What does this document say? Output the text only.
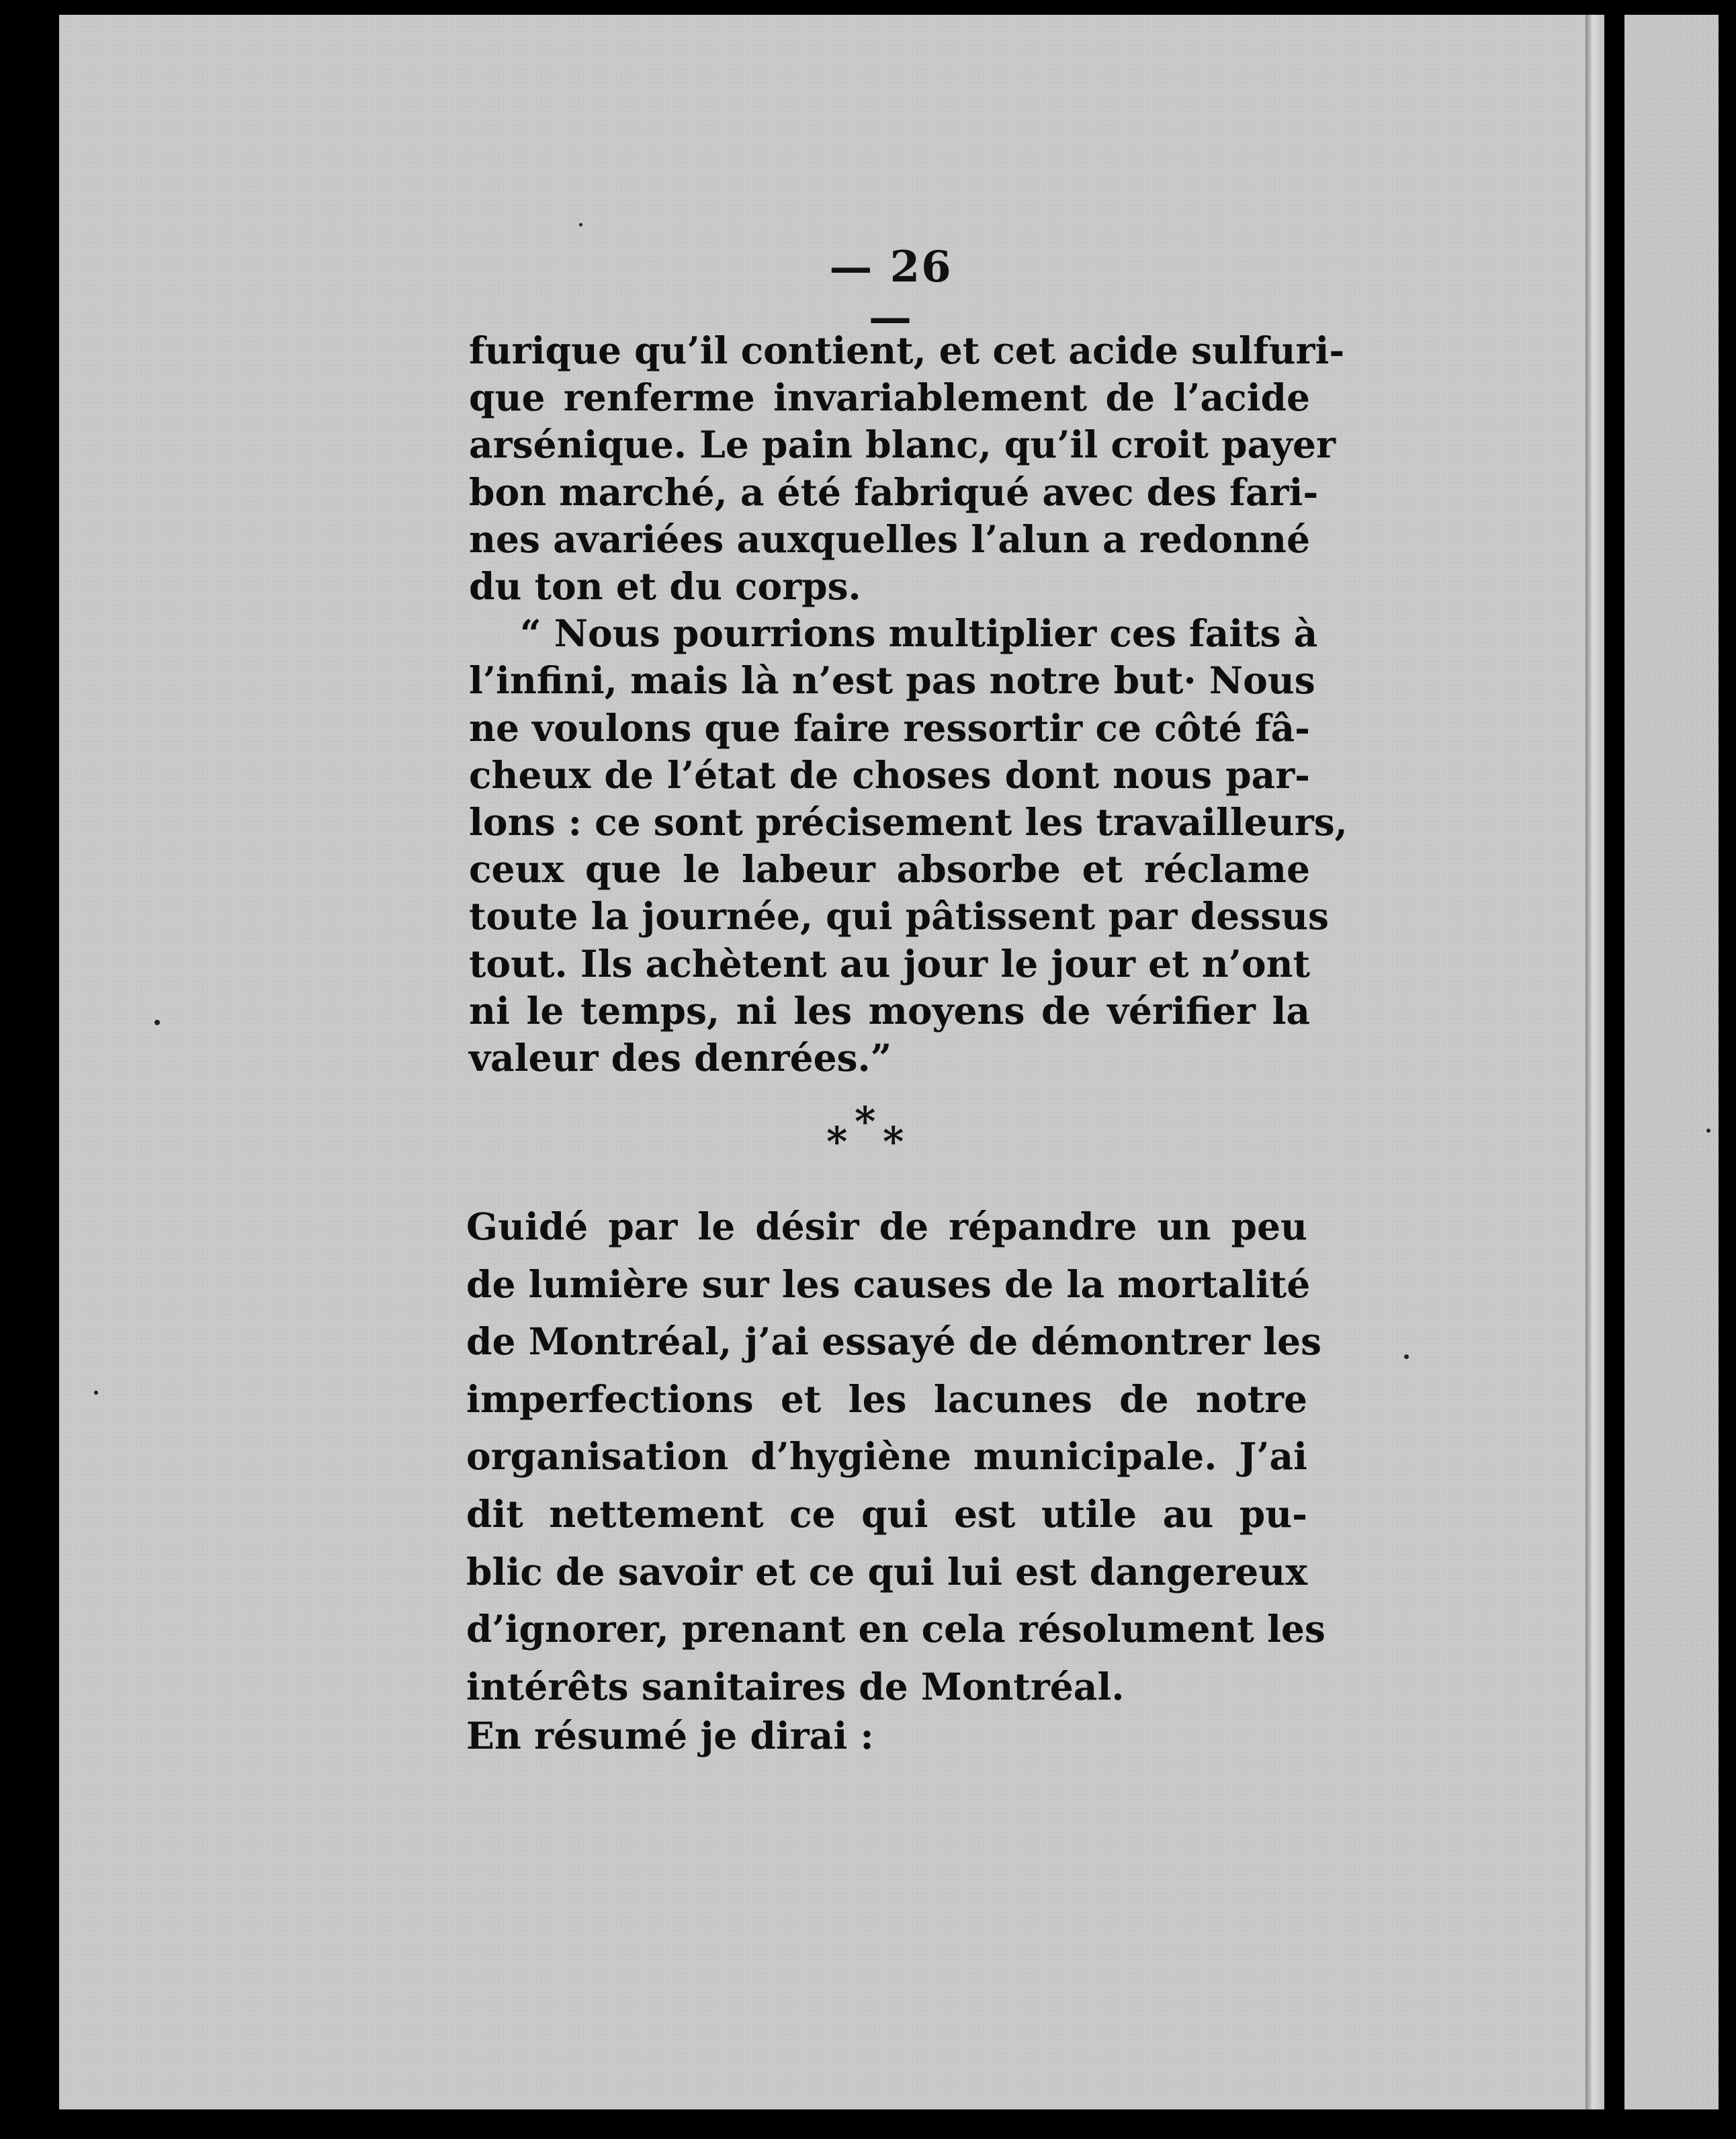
— 26 —
furique qu’il contient, et cet acide sulfuri-
que renferme invariablement de l’acide
arsénique. Le pain blanc, qu’il croit payer
bon marché, a été fabriqué avec des fari-
nes avariées auxquelles l’alun a redonné
du ton et du corps.
“ Nous pourrions multiplier ces faits à
l’infini, mais là n’est pas notre but· Nous
ne voulons que faire ressortir ce côté fâ-
cheux de l’état de choses dont nous par-
lons : ce sont précisement les travailleurs,
ceux que le labeur absorbe et réclame
toute la journée, qui pâtissent par dessus
tout. Ils achètent au jour le jour et n’ont
ni le temps, ni les moyens de vérifier la
valeur des denrées.”
*
* *
Guidé par le désir de répandre un peu
de lumière sur les causes de la mortalité
de Montréal, j’ai essayé de démontrer les
imperfections et les lacunes de notre
organisation d’hygiène municipale. J’ai
dit nettement ce qui est utile au pu-
blic de savoir et ce qui lui est dangereux
d’ignorer, prenant en cela résolument les
intérêts sanitaires de Montréal.
En résumé je dirai :
